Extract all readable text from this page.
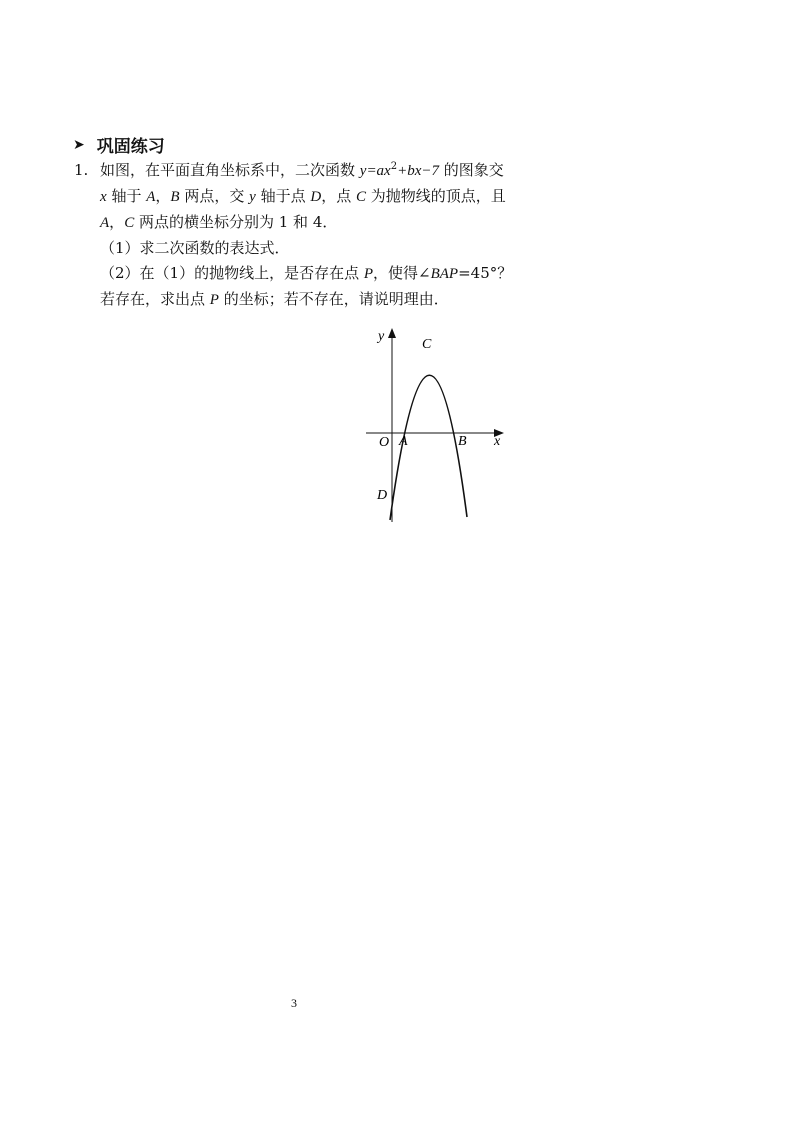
➤ 巩固练习
1. 如图，在平面直角坐标系中，二次函数 $y=ax^2+bx-7$ 的图象交
x 轴于 A，B 两点，交 y 轴于点 D，点 C 为抛物线的顶点，且
A，C 两点的横坐标分别为 1 和 4．
（1）求二次函数的表达式．
（2）在（1）的抛物线上，是否存在点 P，使得∠BAP=45°？
若存在，求出点 P 的坐标；若不存在，请说明理由．
y
C
O A	B x
D
3
